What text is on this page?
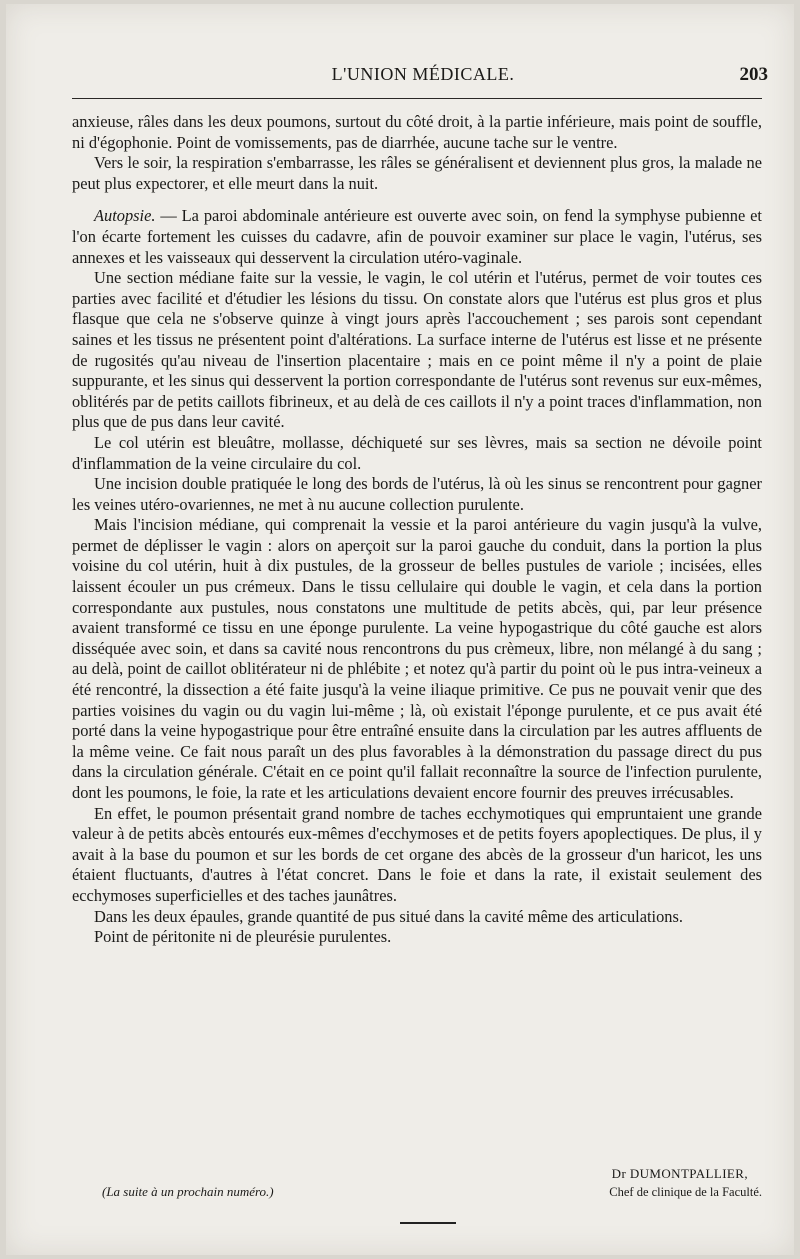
L'UNION MÉDICALE.	203

anxieuse, râles dans les deux poumons, surtout du côté droit, à la partie inférieure, mais point de souffle, ni d'égophonie. Point de vomissements, pas de diarrhée, aucune tache sur le ventre.

Vers le soir, la respiration s'embarrasse, les râles se généralisent et deviennent plus gros, la malade ne peut plus expectorer, et elle meurt dans la nuit.

Autopsie. — La paroi abdominale antérieure est ouverte avec soin, on fend la symphyse pubienne et l'on écarte fortement les cuisses du cadavre, afin de pouvoir examiner sur place le vagin, l'utérus, ses annexes et les vaisseaux qui desservent la circulation utéro-vaginale.

Une section médiane faite sur la vessie, le vagin, le col utérin et l'utérus, permet de voir toutes ces parties avec facilité et d'étudier les lésions du tissu. On constate alors que l'utérus est plus gros et plus flasque que cela ne s'observe quinze à vingt jours après l'accouchement ; ses parois sont cependant saines et les tissus ne présentent point d'altérations. La surface interne de l'utérus est lisse et ne présente de rugosités qu'au niveau de l'insertion placentaire ; mais en ce point même il n'y a point de plaie suppurante, et les sinus qui desservent la portion correspondante de l'utérus sont revenus sur eux-mêmes, oblitérés par de petits caillots fibrineux, et au delà de ces caillots il n'y a point traces d'inflammation, non plus que de pus dans leur cavité.

Le col utérin est bleuâtre, mollasse, déchiqueté sur ses lèvres, mais sa section ne dévoile point d'inflammation de la veine circulaire du col.

Une incision double pratiquée le long des bords de l'utérus, là où les sinus se rencontrent pour gagner les veines utéro-ovariennes, ne met à nu aucune collection purulente.

Mais l'incision médiane, qui comprenait la vessie et la paroi antérieure du vagin jusqu'à la vulve, permet de déplisser le vagin : alors on aperçoit sur la paroi gauche du conduit, dans la portion la plus voisine du col utérin, huit à dix pustules, de la grosseur de belles pustules de variole ; incisées, elles laissent écouler un pus crémeux. Dans le tissu cellulaire qui double le vagin, et cela dans la portion correspondante aux pustules, nous constatons une multitude de petits abcès, qui, par leur présence avaient transformé ce tissu en une éponge purulente. La veine hypogastrique du côté gauche est alors disséquée avec soin, et dans sa cavité nous rencontrons du pus crèmeux, libre, non mélangé à du sang ; au delà, point de caillot oblitérateur ni de phlébite ; et notez qu'à partir du point où le pus intra-veineux a été rencontré, la dissection a été faite jusqu'à la veine iliaque primitive. Ce pus ne pouvait venir que des parties voisines du vagin ou du vagin lui-même ; là, où existait l'éponge purulente, et ce pus avait été porté dans la veine hypogastrique pour être entraîné ensuite dans la circulation par les autres affluents de la même veine. Ce fait nous paraît un des plus favorables à la démonstration du passage direct du pus dans la circulation générale. C'était en ce point qu'il fallait reconnaître la source de l'infection purulente, dont les poumons, le foie, la rate et les articulations devaient encore fournir des preuves irrécusables.

En effet, le poumon présentait grand nombre de taches ecchymotiques qui empruntaient une grande valeur à de petits abcès entourés eux-mêmes d'ecchymoses et de petits foyers apoplectiques. De plus, il y avait à la base du poumon et sur les bords de cet organe des abcès de la grosseur d'un haricot, les uns étaient fluctuants, d'autres à l'état concret. Dans le foie et dans la rate, il existait seulement des ecchymoses superficielles et des taches jaunâtres.

Dans les deux épaules, grande quantité de pus situé dans la cavité même des articulations.

Point de péritonite ni de pleurésie purulentes.

Dr DUMONTPALLIER,
(La suite à un prochain numéro.)	Chef de clinique de la Faculté.
